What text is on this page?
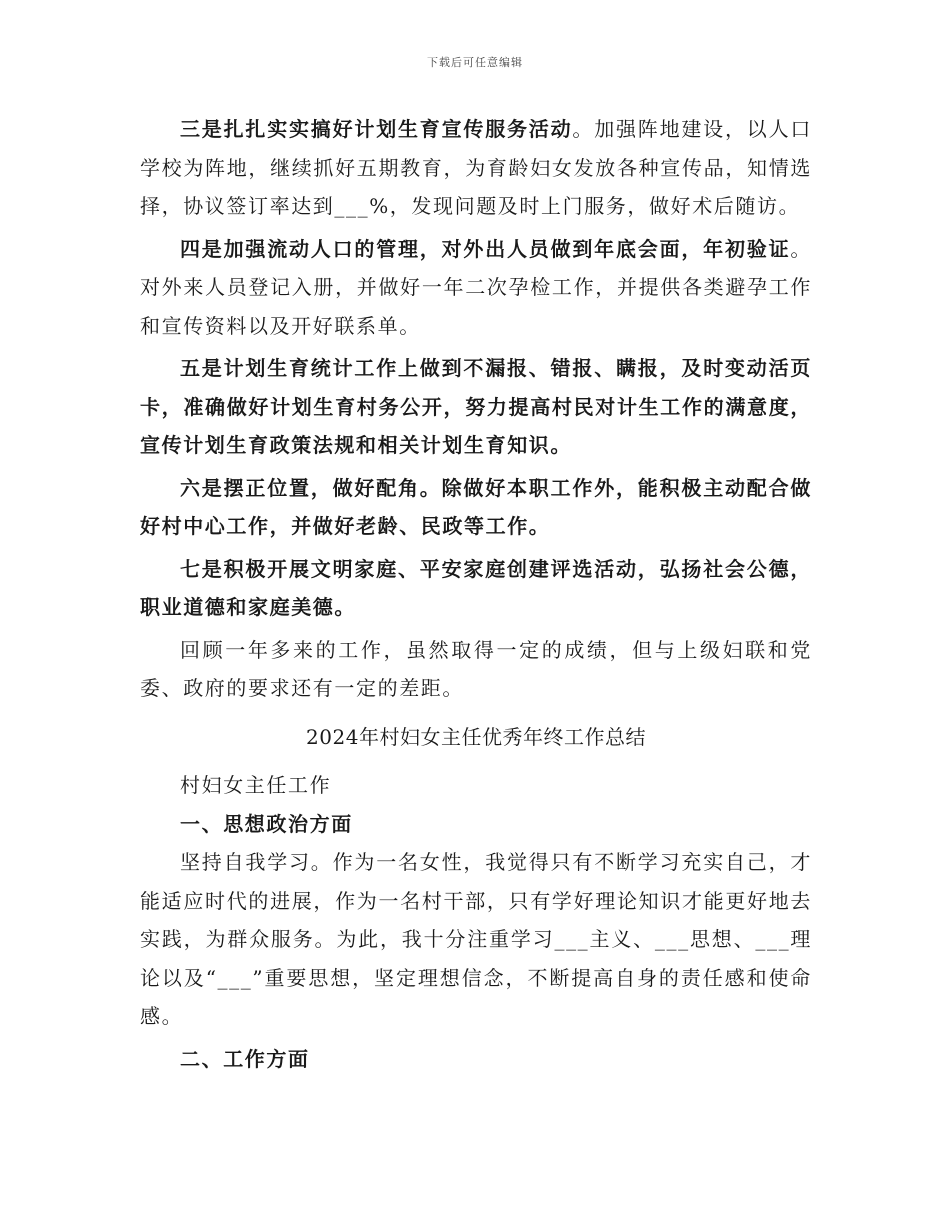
下载后可任意编辑

三是扎扎实实搞好计划生育宣传服务活动。加强阵地建设，以人口学校为阵地，继续抓好五期教育，为育龄妇女发放各种宣传品，知情选择，协议签订率达到___%，发现问题及时上门服务，做好术后随访。

四是加强流动人口的管理，对外出人员做到年底会面，年初验证。对外来人员登记入册，并做好一年二次孕检工作，并提供各类避孕工作和宣传资料以及开好联系单。

五是计划生育统计工作上做到不漏报、错报、瞒报，及时变动活页卡，准确做好计划生育村务公开，努力提高村民对计生工作的满意度，宣传计划生育政策法规和相关计划生育知识。

六是摆正位置，做好配角。除做好本职工作外，能积极主动配合做好村中心工作，并做好老龄、民政等工作。

七是积极开展文明家庭、平安家庭创建评选活动，弘扬社会公德，职业道德和家庭美德。

回顾一年多来的工作，虽然取得一定的成绩，但与上级妇联和党委、政府的要求还有一定的差距。

2024年村妇女主任优秀年终工作总结

村妇女主任工作

一、思想政治方面

坚持自我学习。作为一名女性，我觉得只有不断学习充实自己，才能适应时代的进展，作为一名村干部，只有学好理论知识才能更好地去实践，为群众服务。为此，我十分注重学习___主义、___思想、___理论以及“___”重要思想，坚定理想信念，不断提高自身的责任感和使命感。

二、工作方面
